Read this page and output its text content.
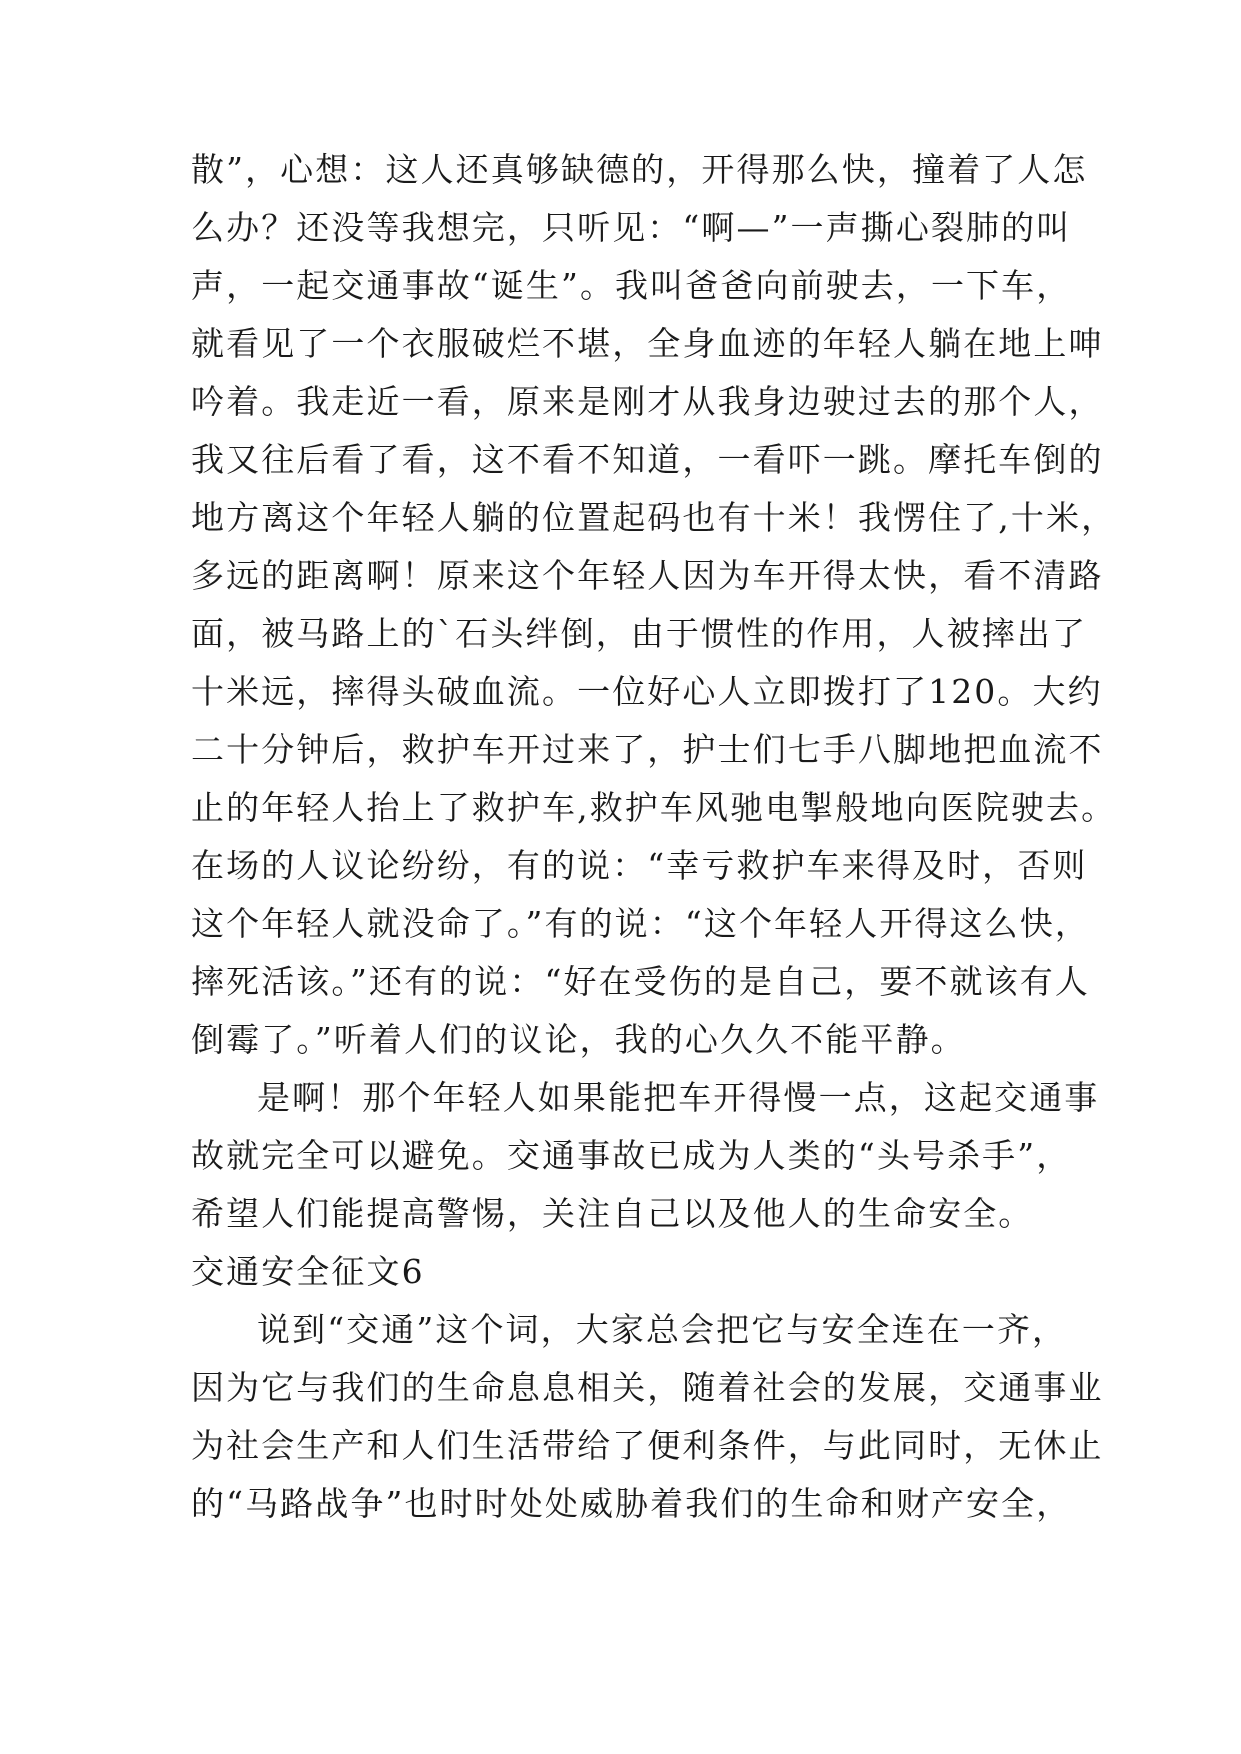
散”，心想：这人还真够缺德的，开得那么快，撞着了人怎
么办？还没等我想完，只听见：“啊—”一声撕心裂肺的叫
声，一起交通事故“诞生”。我叫爸爸向前驶去，一下车，
就看见了一个衣服破烂不堪，全身血迹的年轻人躺在地上呻
吟着。我走近一看，原来是刚才从我身边驶过去的那个人，
我又往后看了看，这不看不知道，一看吓一跳。摩托车倒的
地方离这个年轻人躺的位置起码也有十米！我愣住了,十米，
多远的距离啊！原来这个年轻人因为车开得太快，看不清路
面，被马路上的`石头绊倒，由于惯性的作用，人被摔出了
十米远，摔得头破血流。一位好心人立即拨打了120。大约
二十分钟后，救护车开过来了，护士们七手八脚地把血流不
止的年轻人抬上了救护车,救护车风驰电掣般地向医院驶去。
在场的人议论纷纷，有的说：“幸亏救护车来得及时，否则
这个年轻人就没命了。”有的说：“这个年轻人开得这么快，
摔死活该。”还有的说：“好在受伤的是自己，要不就该有人
倒霉了。”听着人们的议论，我的心久久不能平静。
是啊！那个年轻人如果能把车开得慢一点，这起交通事
故就完全可以避免。交通事故已成为人类的“头号杀手”，
希望人们能提高警惕，关注自己以及他人的生命安全。
交通安全征文6
说到“交通”这个词，大家总会把它与安全连在一齐，
因为它与我们的生命息息相关，随着社会的发展，交通事业
为社会生产和人们生活带给了便利条件，与此同时，无休止
的“马路战争”也时时处处威胁着我们的生命和财产安全，
